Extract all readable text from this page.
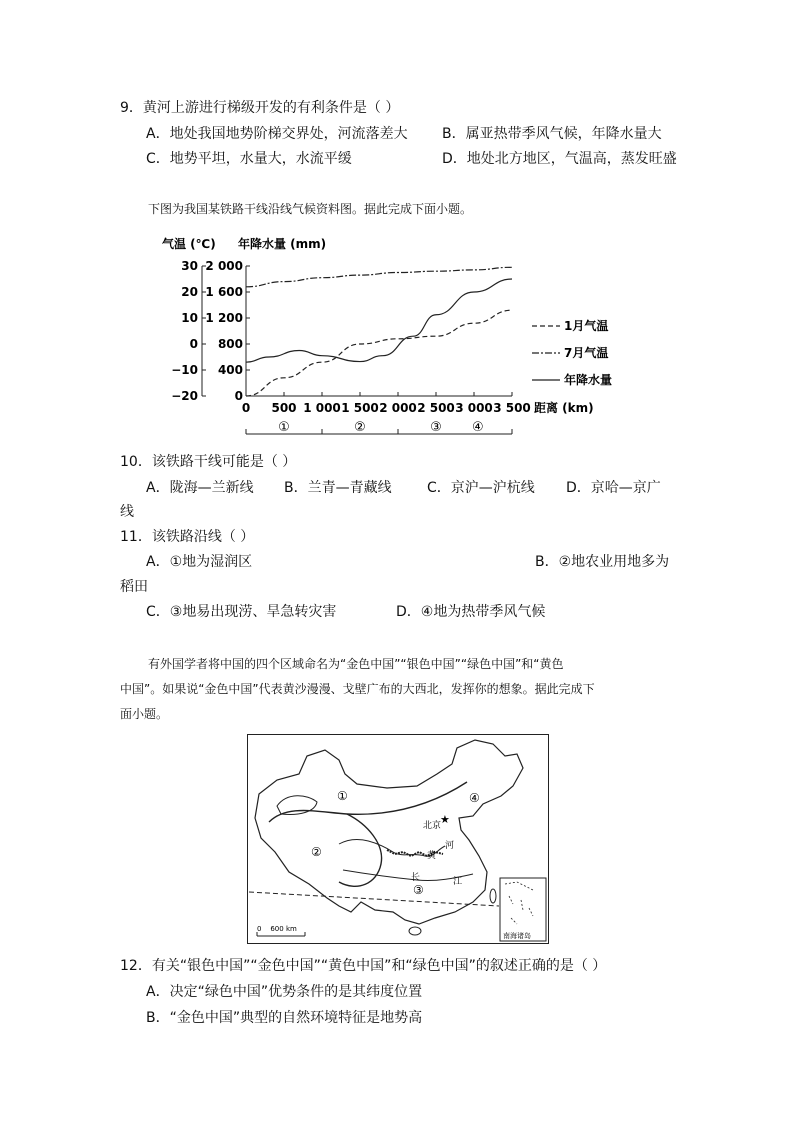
9．黄河上游进行梯级开发的有利条件是（ ）
A．地处我国地势阶梯交界处，河流落差大 B．属亚热带季风气候，年降水量大
C．地势平坦，水量大，水流平缓	D．地处北方地区，气温高，蒸发旺盛
下图为我国某铁路干线沿线气候资料图。据此完成下面小题。
气温 (℃) 年降水量 (mm)
30
20
10
0
−10
−20
2 000
1 600
1 200
800
400
0
0 500 1 000 1 500 2 000 2 500 3 000 3 500 距离 (km)
①	②	③ ④
1月气温
7月气温
年降水量
10．该铁路干线可能是（ ）
A．陇海—兰新线 B．兰青—青藏线	C．京沪—沪杭线 D．京哈—京广
线
11．该铁路沿线（ ）
A．①地为湿润区	B．②地农业用地多为
稻田
C．③地易出现涝、旱急转灾害	D．④地为热带季风气候
有外国学者将中国的四个区域命名为“金色中国”“银色中国”“绿色中国”和“黄色
中国”。如果说“金色中国”代表黄沙漫漫、戈壁广布的大西北，发挥你的想象。据此完成下
面小题。
★
北京
①
②
③
④
黄
河
长	江
0    600 km
南海诸岛
12．有关“银色中国”“金色中国”“黄色中国”和“绿色中国”的叙述正确的是（ ）
A．决定“绿色中国”优势条件的是其纬度位置
B．“金色中国”典型的自然环境特征是地势高
